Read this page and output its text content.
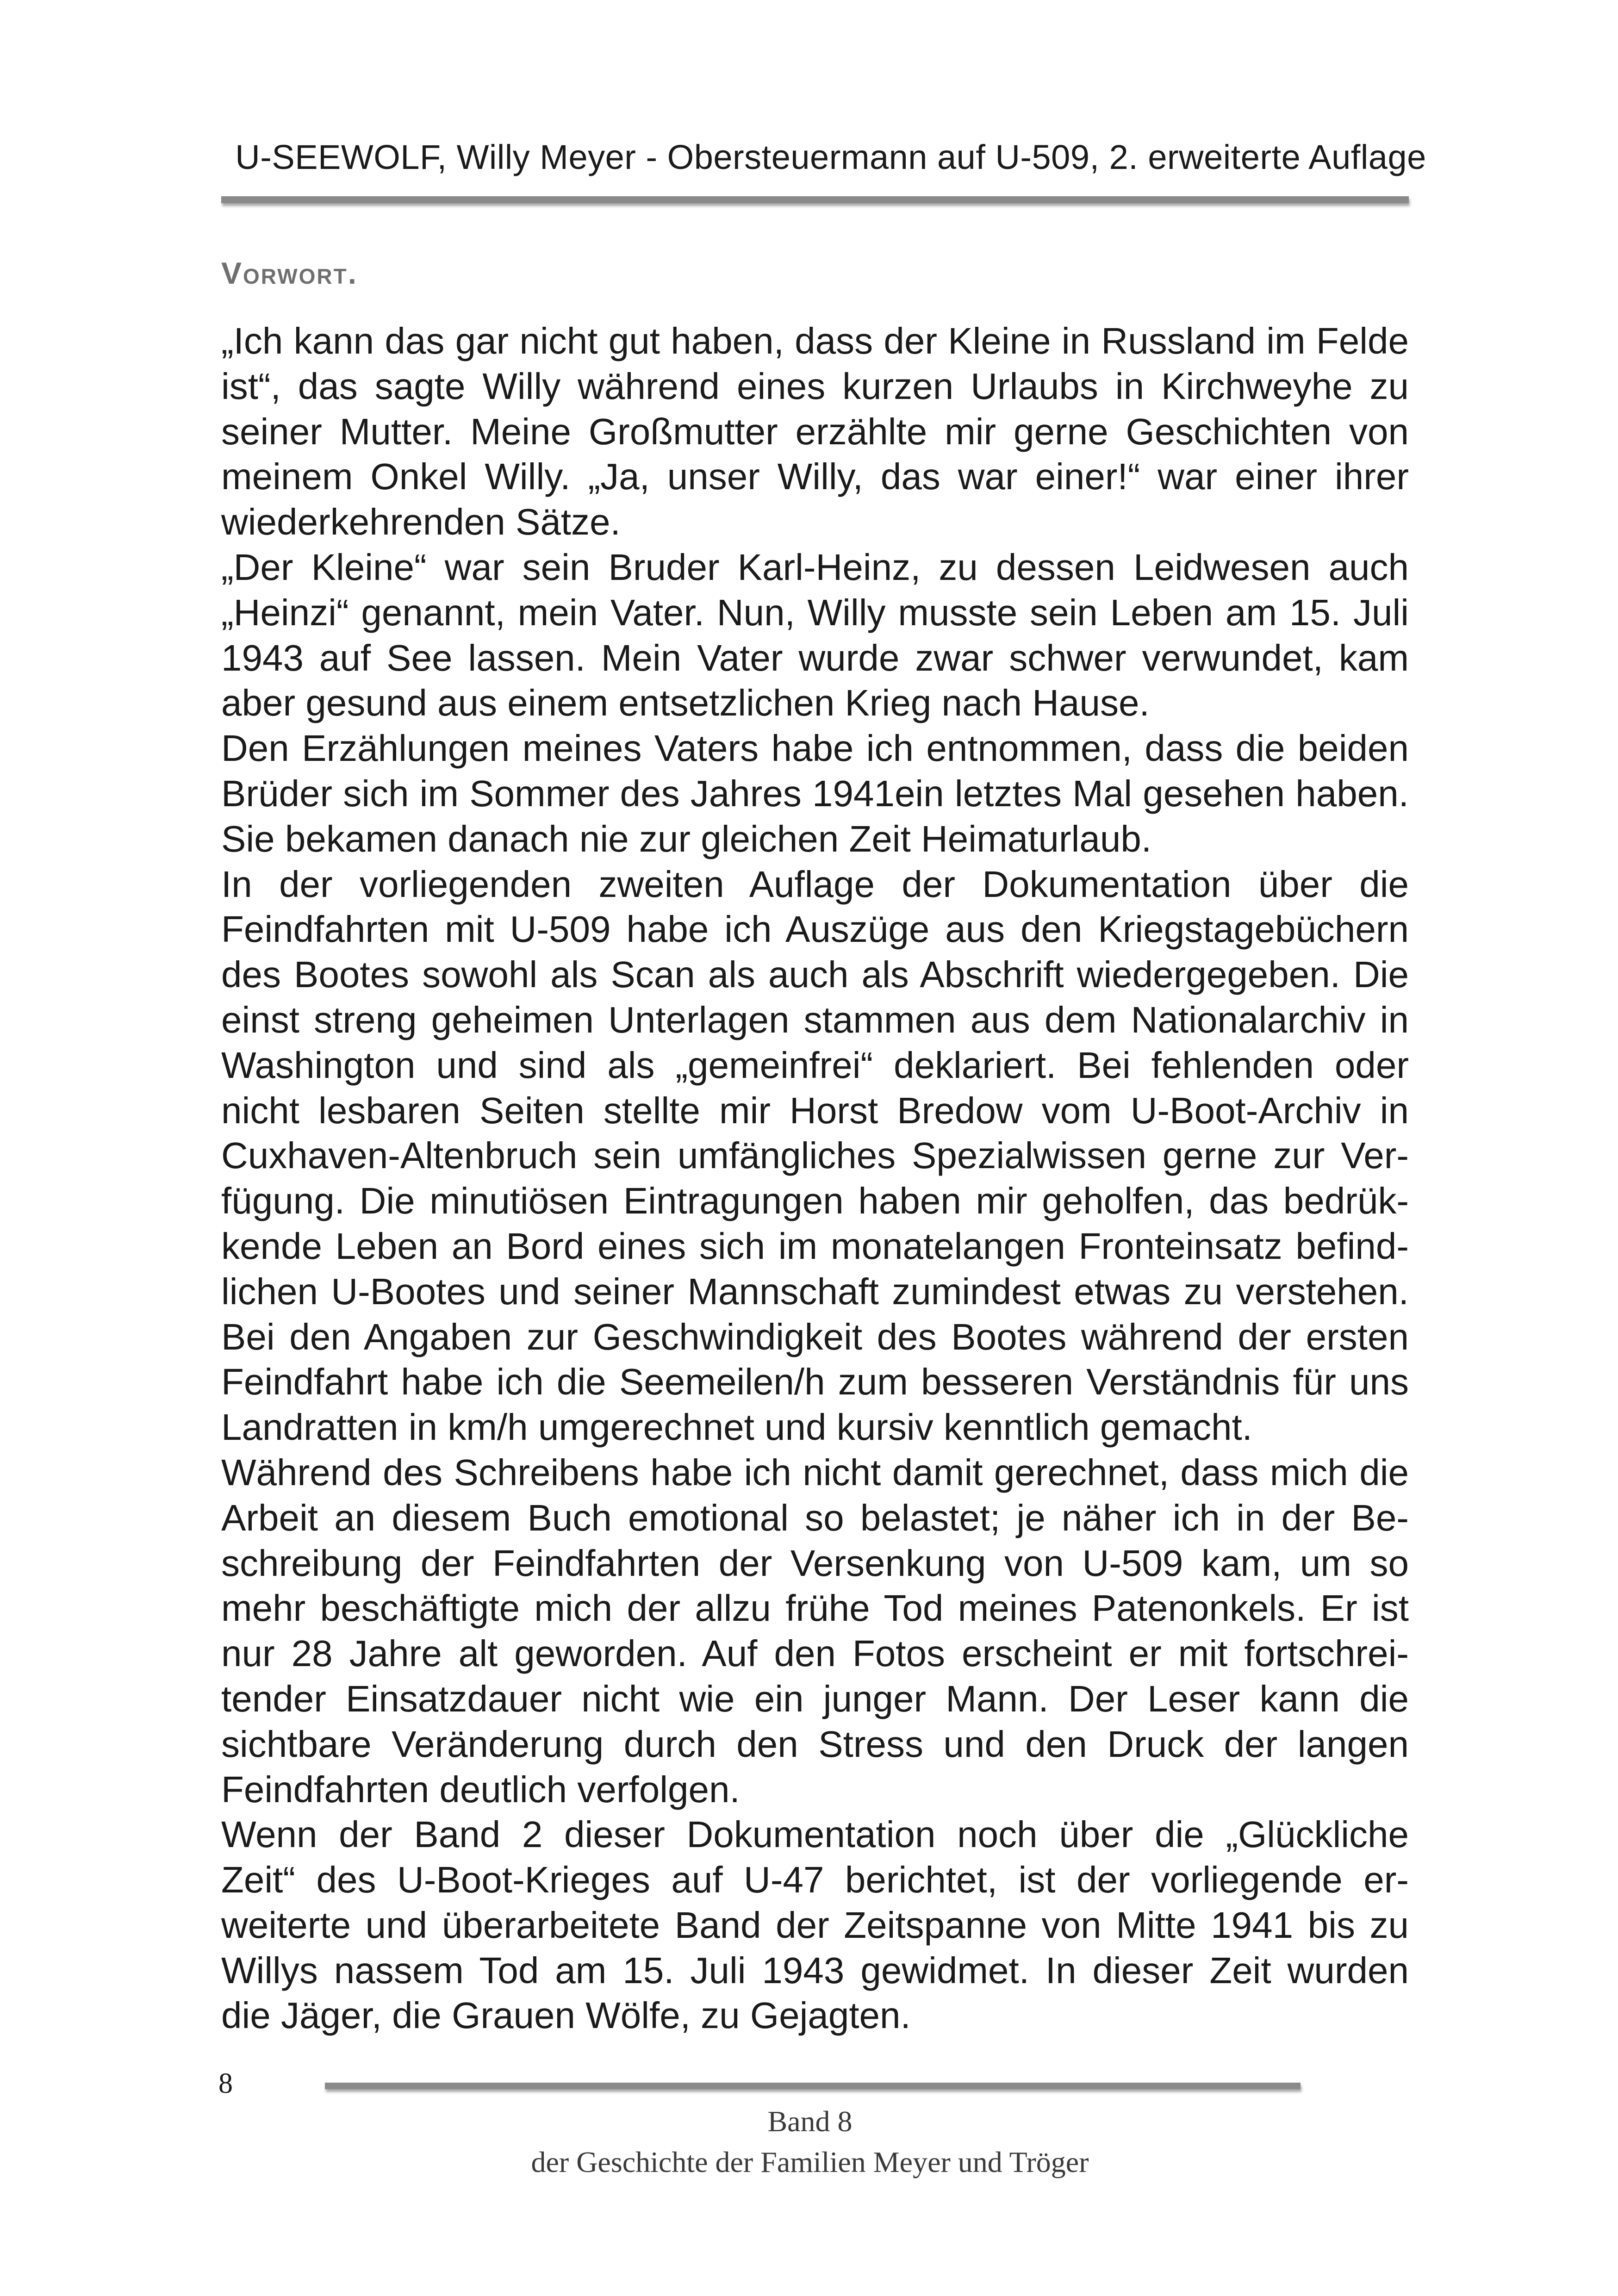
U-SEEWOLF, Willy Meyer - Obersteuermann auf U-509, 2. erweiterte Auflage
Vorwort.
„Ich kann das gar nicht gut haben, dass der Kleine in Russland im Felde
ist“, das sagte Willy während eines kurzen Urlaubs in Kirchweyhe zu
seiner Mutter. Meine Großmutter erzählte mir gerne Geschichten von
meinem Onkel Willy. „Ja, unser Willy, das war einer!“ war einer ihrer
wiederkehrenden Sätze.
„Der Kleine“ war sein Bruder Karl-Heinz, zu dessen Leidwesen auch
„Heinzi“ genannt, mein Vater. Nun, Willy musste sein Leben am 15. Juli
1943 auf See lassen. Mein Vater wurde zwar schwer verwundet, kam
aber gesund aus einem entsetzlichen Krieg nach Hause.
Den Erzählungen meines Vaters habe ich entnommen, dass die beiden
Brüder sich im Sommer des Jahres 1941ein letztes Mal gesehen haben.
Sie bekamen danach nie zur gleichen Zeit Heimaturlaub.
In der vorliegenden zweiten Auflage der Dokumentation über die
Feindfahrten mit U-509 habe ich Auszüge aus den Kriegstagebüchern
des Bootes sowohl als Scan als auch als Abschrift wiedergegeben. Die
einst streng geheimen Unterlagen stammen aus dem Nationalarchiv in
Washington und sind als „gemeinfrei“ deklariert. Bei fehlenden oder
nicht lesbaren Seiten stellte mir Horst Bredow vom U-Boot-Archiv in
Cuxhaven-Altenbruch sein umfängliches Spezialwissen gerne zur Ver-
fügung. Die minutiösen Eintragungen haben mir geholfen, das bedrük-
kende Leben an Bord eines sich im monatelangen Fronteinsatz befind-
lichen U-Bootes und seiner Mannschaft zumindest etwas zu verstehen.
Bei den Angaben zur Geschwindigkeit des Bootes während der ersten
Feindfahrt habe ich die Seemeilen/h zum besseren Verständnis für uns
Landratten in km/h umgerechnet und kursiv kenntlich gemacht.
Während des Schreibens habe ich nicht damit gerechnet, dass mich die
Arbeit an diesem Buch emotional so belastet; je näher ich in der Be-
schreibung der Feindfahrten der Versenkung von U-509 kam, um so
mehr beschäftigte mich der allzu frühe Tod meines Patenonkels. Er ist
nur 28 Jahre alt geworden. Auf den Fotos erscheint er mit fortschrei-
tender Einsatzdauer nicht wie ein junger Mann. Der Leser kann die
sichtbare Veränderung durch den Stress und den Druck der langen
Feindfahrten deutlich verfolgen.
Wenn der Band 2 dieser Dokumentation noch über die „Glückliche
Zeit“ des U-Boot-Krieges auf U-47 berichtet, ist der vorliegende er-
weiterte und überarbeitete Band der Zeitspanne von Mitte 1941 bis zu
Willys nassem Tod am 15. Juli 1943 gewidmet. In dieser Zeit wurden
die Jäger, die Grauen Wölfe, zu Gejagten.
8
Band 8
der Geschichte der Familien Meyer und Tröger
